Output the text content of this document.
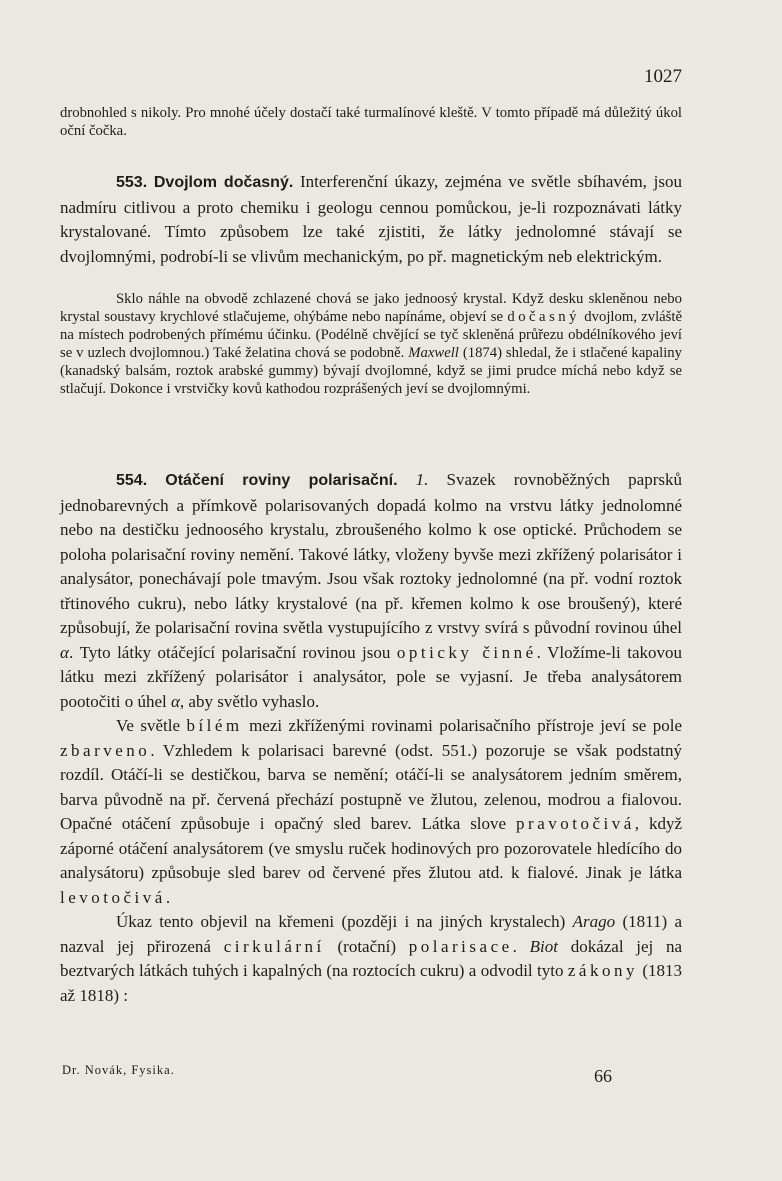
1027

drobnohled s nikoly. Pro mnohé účely dostačí také turmalínové kleště. V tomto případě má důležitý úkol oční čočka.

553. Dvojlom dočasný. Interferenční úkazy, zejména ve světle sbíhavém, jsou nadmíru citlivou a proto chemiku i geologu cennou pomůckou, je-li rozpoznávati látky krystalované. Tímto způsobem lze také zjistiti, že látky jednolomné stávají se dvojlomnými, podrobí-li se vlivům mechanickým, po př. magnetickým neb elektrickým.

Sklo náhle na obvodě zchlazené chová se jako jednoosý krystal. Když desku skleněnou nebo krystal soustavy krychlové stlačujeme, ohýbáme nebo napínáme, objeví se dočasný dvojlom, zvláště na místech podrobených přímému účinku. (Podélně chvějící se tyč skleněná průřezu obdélníkového jeví se v uzlech dvojlomnou.) Také želatina chová se podobně. Maxwell (1874) shledal, že i stlačené kapaliny (kanadský balsám, roztok arabské gummy) bývají dvojlomné, když se jimi prudce míchá nebo když se stlačují. Dokonce i vrstvičky kovů kathodou rozprášených jeví se dvojlomnými.

554. Otáčení roviny polarisační. 1. Svazek rovnoběžných paprsků jednobarevných a přímkově polarisovaných dopadá kolmo na vrstvu látky jednolomné nebo na destičku jednoosého krystalu, zbroušeného kolmo k ose optické. Průchodem se poloha polarisační roviny nemění. Takové látky, vloženy byvše mezi zkřížený polarisátor i analysátor, ponechávají pole tmavým. Jsou však roztoky jednolomné (na př. vodní roztok třtinového cukru), nebo látky krystalové (na př. křemen kolmo k ose broušený), které způsobují, že polarisační rovina světla vystupujícího z vrstvy svírá s původní rovinou úhel α. Tyto látky otáčející polarisační rovinou jsou opticky činné. Vložíme-li takovou látku mezi zkřížený polarisátor i analysátor, pole se vyjasní. Je třeba analysátorem pootočiti o úhel α, aby světlo vyhaslo.

Ve světle bílém mezi zkříženými rovinami polarisačního přístroje jeví se pole zbarveno. Vzhledem k polarisaci barevné (odst. 551.) pozoruje se však podstatný rozdíl. Otáčí-li se destičkou, barva se nemění; otáčí-li se analysátorem jedním směrem, barva původně na př. červená přechází postupně ve žlutou, zelenou, modrou a fialovou. Opačné otáčení způsobuje i opačný sled barev. Látka slove pravotočivá, když záporné otáčení analysátorem (ve smyslu ruček hodinových pro pozorovatele hledícího do analysátoru) způsobuje sled barev od červené přes žlutou atd. k fialové. Jinak je látka levotočivá.

Úkaz tento objevil na křemeni (později i na jiných krystalech) Arago (1811) a nazval jej přirozená cirkulární (rotační) polarisace. Biot dokázal jej na beztvarých látkách tuhých i kapalných (na roztocích cukru) a odvodil tyto zákony (1813 až 1818) :

Dr. Novák, Fysika.	66
